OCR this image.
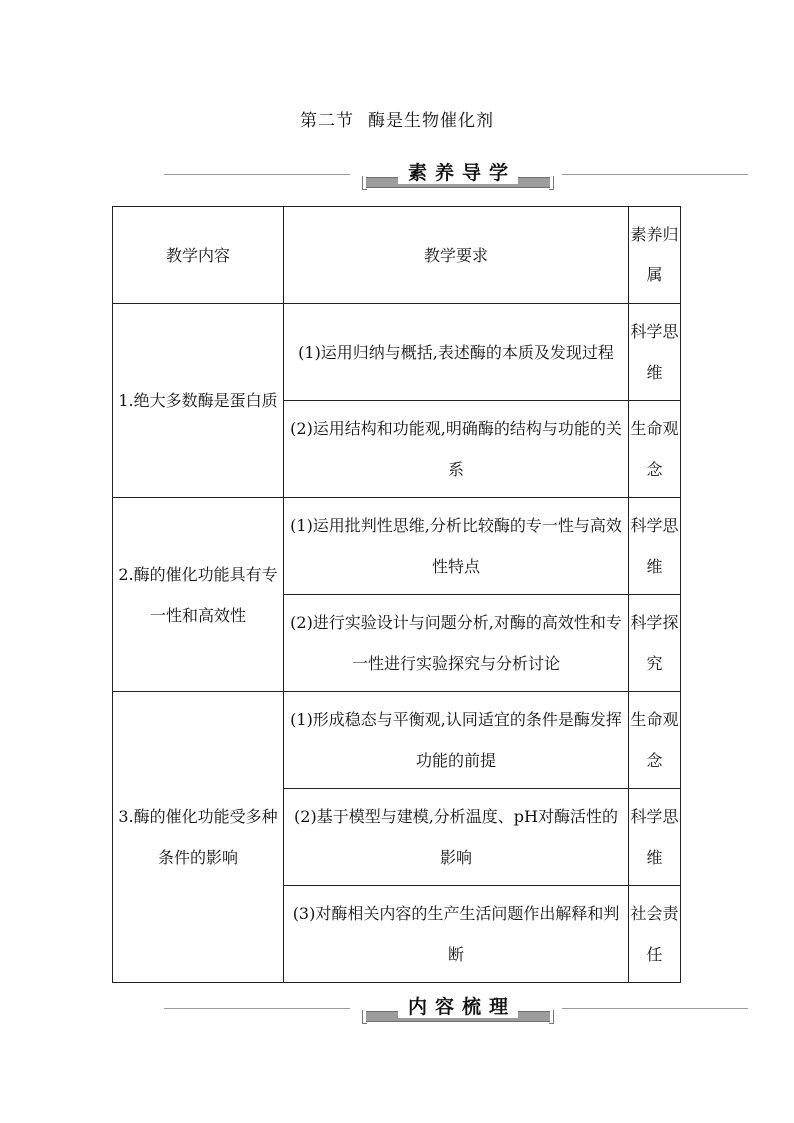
第二节 酶是生物催化剂
素养导学
教学内容	教学要求	素养归属
1.绝大多数酶是蛋白质	(1)运用归纳与概括,表述酶的本质及发现过程	科学思维
	(2)运用结构和功能观,明确酶的结构与功能的关系	生命观念
2.酶的催化功能具有专一性和高效性	(1)运用批判性思维,分析比较酶的专一性与高效性特点	科学思维
	(2)进行实验设计与问题分析,对酶的高效性和专一性进行实验探究与分析讨论	科学探究
3.酶的催化功能受多种条件的影响	(1)形成稳态与平衡观,认同适宜的条件是酶发挥功能的前提	生命观念
	(2)基于模型与建模,分析温度、pH对酶活性的影响	科学思维
	(3)对酶相关内容的生产生活问题作出解释和判断	社会责任
内容梳理
